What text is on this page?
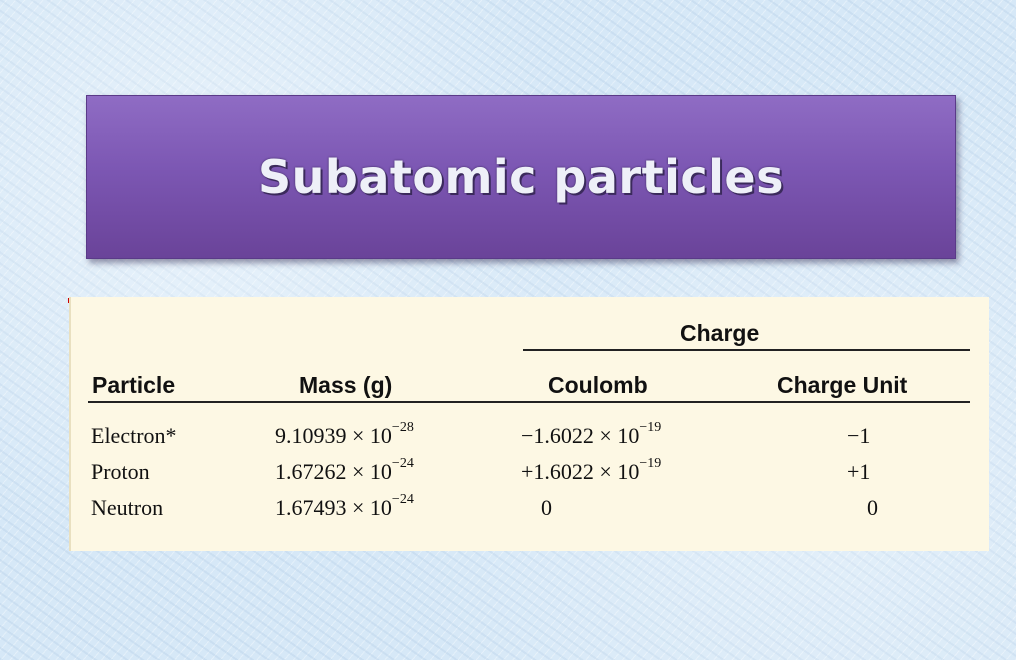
Subatomic particles
Charge
Particle	Mass (g)	Coulomb	Charge Unit
Electron*	$9.10939 \times 10^{-28}$	$-1.6022 \times 10^{-19}$	−1
Proton	$1.67262 \times 10^{-24}$	$+1.6022 \times 10^{-19}$	+1
Neutron	$1.67493 \times 10^{-24}$	0	0
